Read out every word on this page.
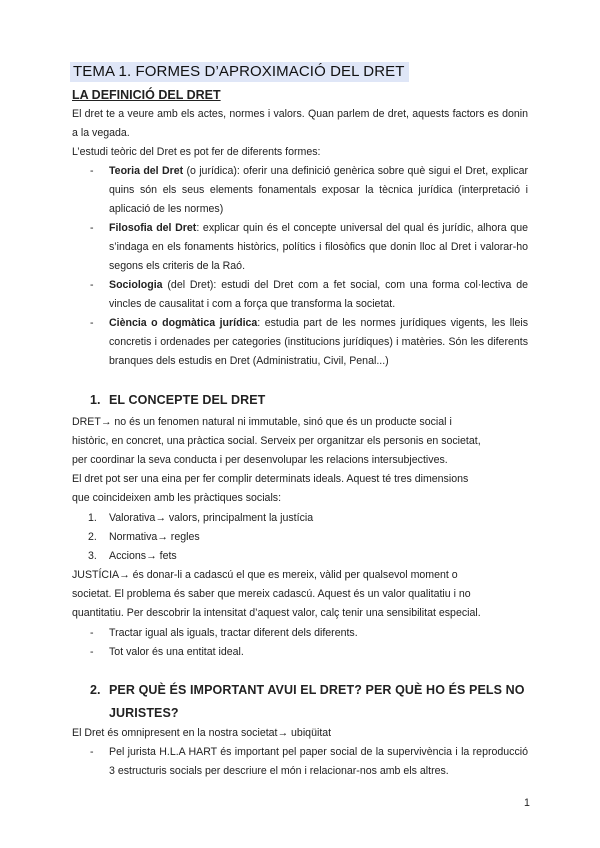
TEMA 1. FORMES D’APROXIMACIÓ DEL DRET
LA DEFINICIÓ DEL DRET
El dret te a veure amb els actes, normes i valors. Quan parlem de dret, aquests factors es donin a la vegada.
L’estudi teòric del Dret es pot fer de diferents formes:
- Teoria del Dret (o jurídica): oferir una definició genèrica sobre què sigui el Dret, explicar quins són els seus elements fonamentals exposar la tècnica jurídica (interpretació i aplicació de les normes)
- Filosofia del Dret: explicar quin és el concepte universal del qual és jurídic, alhora que s’indaga en els fonaments històrics, polítics i filosòfics que donin lloc al Dret i valorar-ho segons els criteris de la Raó.
- Sociologia (del Dret): estudi del Dret com a fet social, com una forma col·lectiva de vincles de causalitat i com a força que transforma la societat.
- Ciència o dogmàtica jurídica: estudia part de les normes jurídiques vigents, les lleis concretis i ordenades per categories (institucions jurídiques) i matèries. Són les diferents branques dels estudis en Dret (Administratiu, Civil, Penal...)
1. EL CONCEPTE DEL DRET
DRET→ no és un fenomen natural ni immutable, sinó que és un producte social i
històric, en concret, una pràctica social. Serveix per organitzar els personis en societat,
per coordinar la seva conducta i per desenvolupar les relacions intersubjectives.
El dret pot ser una eina per fer complir determinats ideals. Aquest té tres dimensions
que coincideixen amb les pràctiques socials:
1. Valorativa→ valors, principalment la justícia
2. Normativa→ regles
3. Accions→ fets
JUSTÍCIA→ és donar-li a cadascú el que es mereix, vàlid per qualsevol moment o
societat. El problema és saber que mereix cadascú. Aquest és un valor qualitatiu i no
quantitatiu. Per descobrir la intensitat d’aquest valor, calç tenir una sensibilitat especial.
- Tractar igual als iguals, tractar diferent dels diferents.
- Tot valor és una entitat ideal.
2. PER QUÈ ÉS IMPORTANT AVUI EL DRET? PER QUÈ HO ÉS PELS NO
JURISTES?
El Dret és omnipresent en la nostra societat→ ubiqüitat
- Pel jurista H.L.A HART és important pel paper social de la supervivència i la reproducció 3 estructuris socials per descriure el món i relacionar-nos amb els altres.
1
